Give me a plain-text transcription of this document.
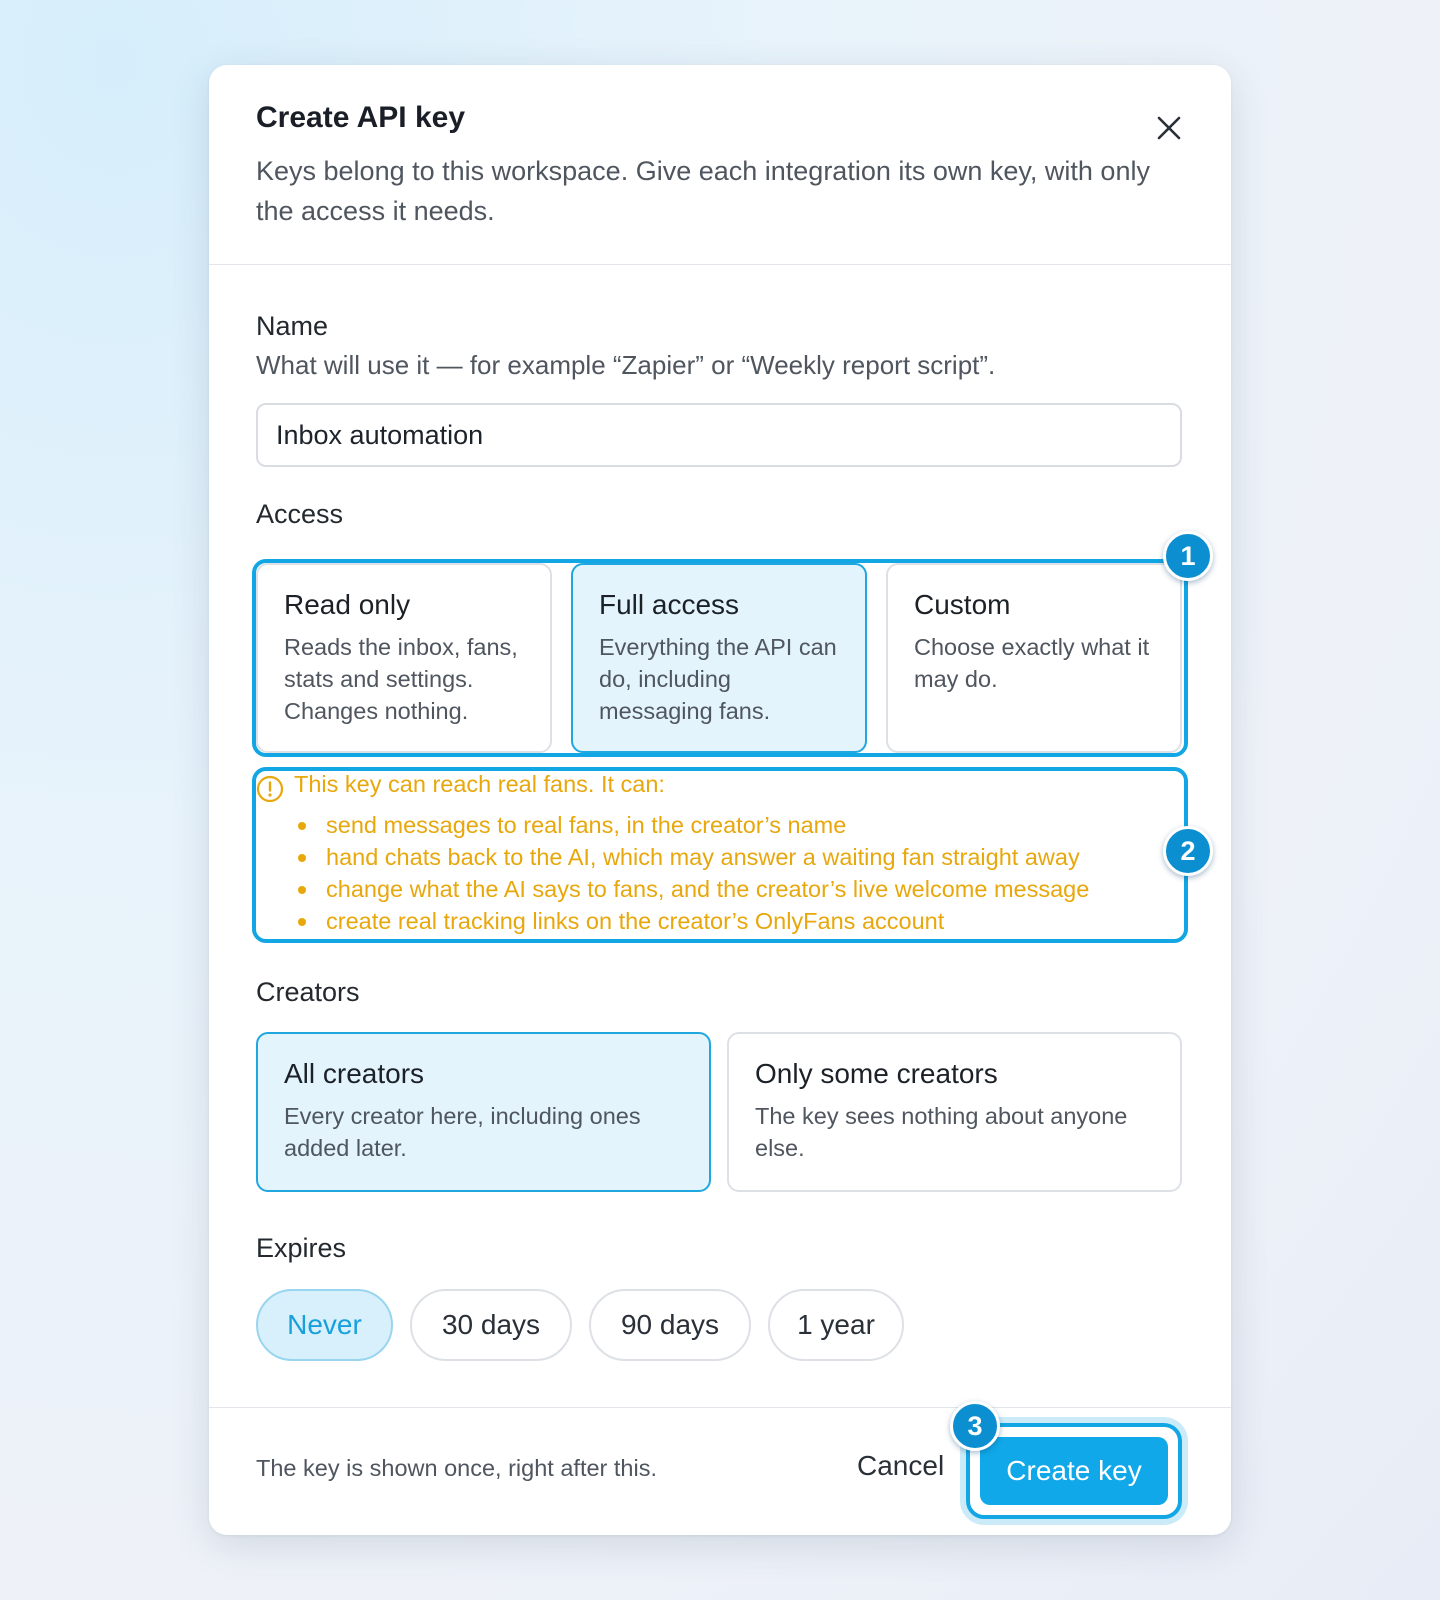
Create API key
Keys belong to this workspace. Give each integration its own key, with only the access it needs.
Name
What will use it — for example “Zapier” or “Weekly report script”.
Inbox automation
Access
Read only
Reads the inbox, fans, stats and settings. Changes nothing.
Full access
Everything the API can do, including messaging fans.
Custom
Choose exactly what it may do.
1
This key can reach real fans. It can:
send messages to real fans, in the creator’s name
hand chats back to the AI, which may answer a waiting fan straight away
change what the AI says to fans, and the creator’s live welcome message
create real tracking links on the creator’s OnlyFans account
2
Creators
All creators
Every creator here, including ones added later.
Only some creators
The key sees nothing about anyone else.
Expires
Never	30 days	90 days	1 year
The key is shown once, right after this.	Cancel	Create key
3
